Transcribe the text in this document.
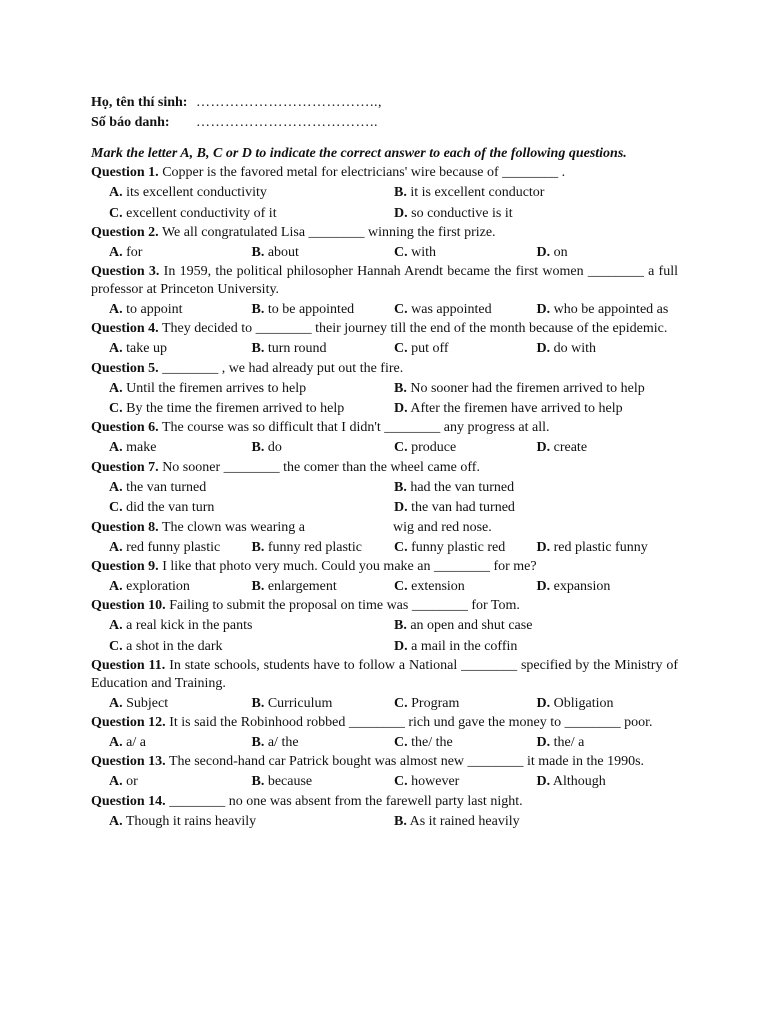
Họ, tên thí sinh: ………………………………..,
Số báo danh:	………………………………..
Mark the letter A, B, C or D to indicate the correct answer to each of the following questions.
Question 1. Copper is the favored metal for electricians' wire because of ________ .
A. its excellent conductivity	B. it is excellent conductor
C. excellent conductivity of it	D. so conductive is it
Question 2. We all congratulated Lisa ________ winning the first prize.
A. for	B. about	C. with	D. on
Question 3. In 1959, the political philosopher Hannah Arendt became the first women ________ a full professor at Princeton University.
A. to appoint	B. to be appointed	C. was appointed	D. who be appointed as
Question 4. They decided to ________ their journey till the end of the month because of the epidemic.
A. take up	B. turn round	C. put off	D. do with
Question 5. ________ , we had already put out the fire.
A. Until the firemen arrives to help	B. No sooner had the firemen arrived to help
C. By the time the firemen arrived to help	D. After the firemen have arrived to help
Question 6. The course was so difficult that I didn't ________ any progress at all.
A. make	B. do	C. produce	D. create
Question 7. No sooner ________ the comer than the wheel came off.
A. the van turned	B. had the van turned
C. did the van turn	D. the van had turned
Question 8. The clown was wearing a	wig and red nose.
A. red funny plastic	B. funny red plastic	C. funny plastic red	D. red plastic funny
Question 9. I like that photo very much. Could you make an ________ for me?
A. exploration	B. enlargement	C. extension	D. expansion
Question 10. Failing to submit the proposal on time was ________ for Tom.
A. a real kick in the pants	B. an open and shut case
C. a shot in the dark	D. a mail in the coffin
Question 11. In state schools, students have to follow a National ________ specified by the Ministry of Education and Training.
A. Subject	B. Curriculum	C. Program	D. Obligation
Question 12. It is said the Robinhood robbed ________ rich und gave the money to ________ poor.
A. a/ a	B. a/ the	C. the/ the	D. the/ a
Question 13. The second-hand car Patrick bought was almost new ________ it made in the 1990s.
A. or	B. because	C. however	D. Although
Question 14. ________ no one was absent from the farewell party last night.
A. Though it rains heavily	B. As it rained heavily
